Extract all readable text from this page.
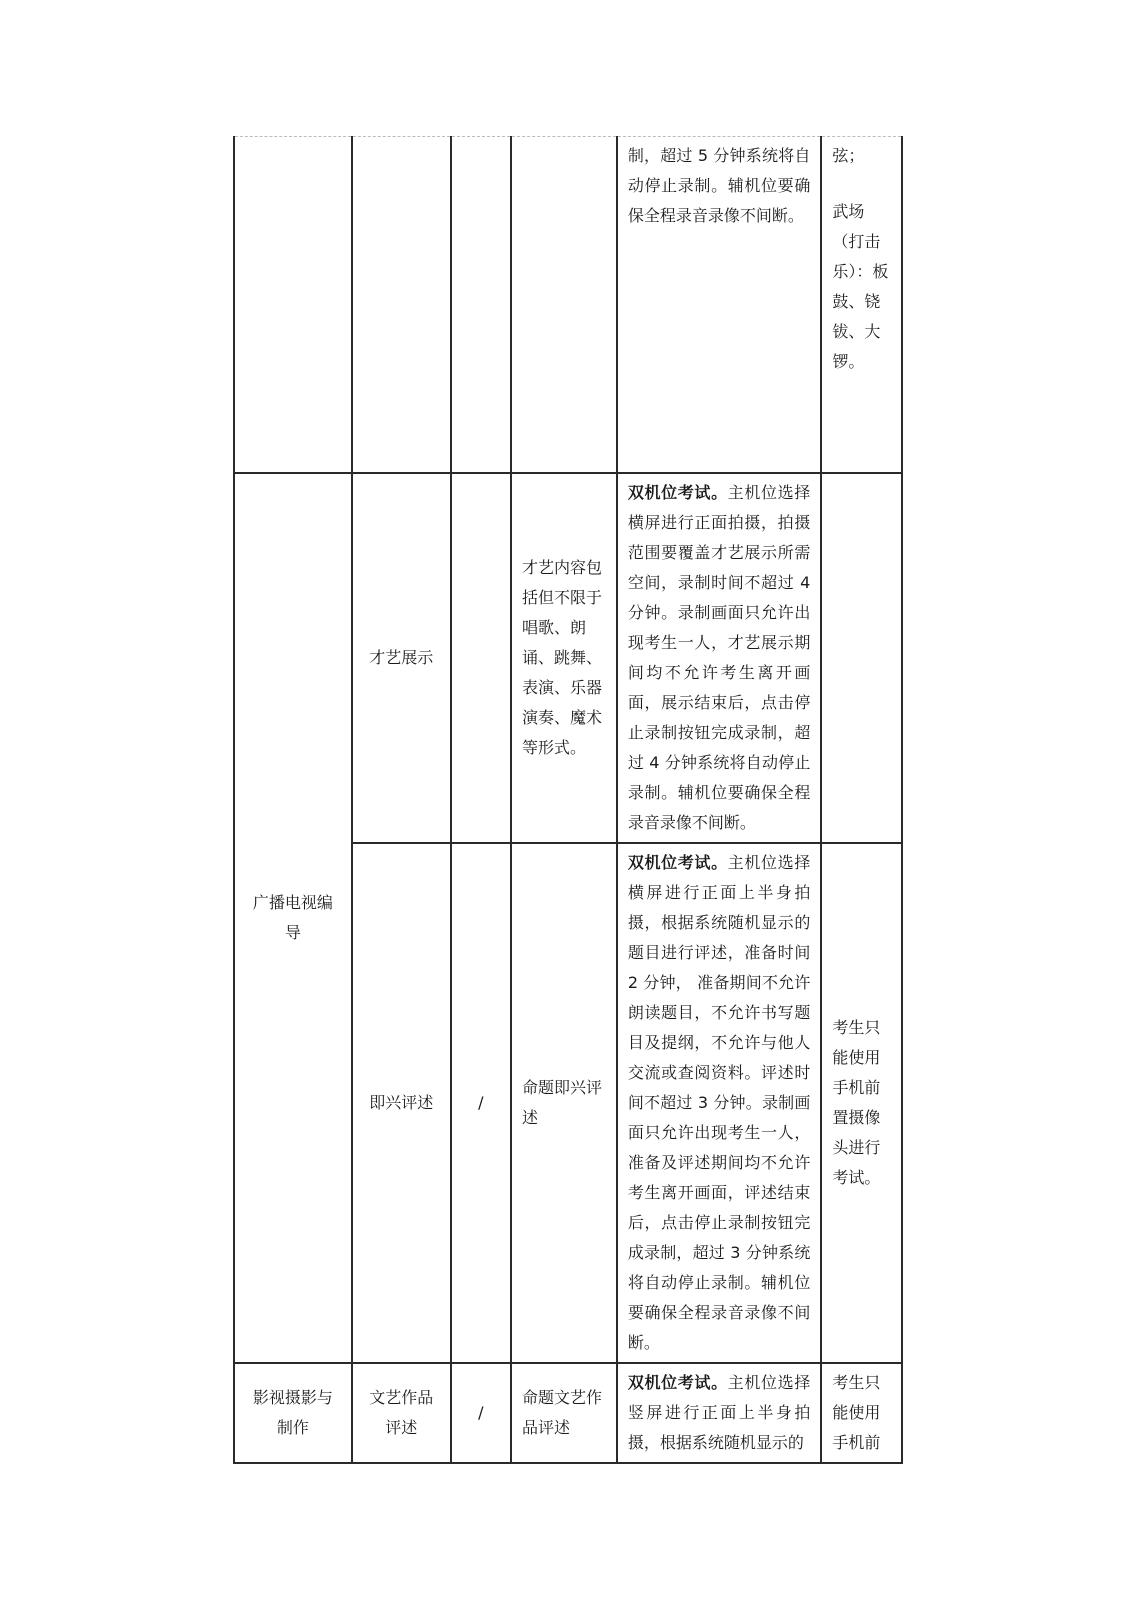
				制，超过 5 分钟系统将自动停止录制。辅机位要确保全程录音录像不间断。	弦；
武场（打击乐）：板鼓、铙钹、大锣。

广播电视编导	才艺展示		才艺内容包括但不限于唱歌、朗诵、跳舞、表演、乐器演奏、魔术等形式。	双机位考试。主机位选择横屏进行正面拍摄，拍摄范围要覆盖才艺展示所需空间，录制时间不超过 4 分钟。录制画面只允许出现考生一人，才艺展示期间均不允许考生离开画面，展示结束后，点击停止录制按钮完成录制，超过 4 分钟系统将自动停止录制。辅机位要确保全程录音录像不间断。	
	即兴评述	/	命题即兴评述	双机位考试。主机位选择横屏进行正面上半身拍摄，根据系统随机显示的题目进行评述，准备时间 2 分钟， 准备期间不允许朗读题目，不允许书写题目及提纲，不允许与他人交流或查阅资料。评述时间不超过 3 分钟。录制画面只允许出现考生一人，准备及评述期间均不允许考生离开画面，评述结束后，点击停止录制按钮完成录制，超过 3 分钟系统将自动停止录制。辅机位要确保全程录音录像不间断。	考生只能使用手机前置摄像头进行考试。
影视摄影与制作	文艺作品评述	/	命题文艺作品评述	双机位考试。主机位选择竖屏进行正面上半身拍摄，根据系统随机显示的	考生只能使用手机前
